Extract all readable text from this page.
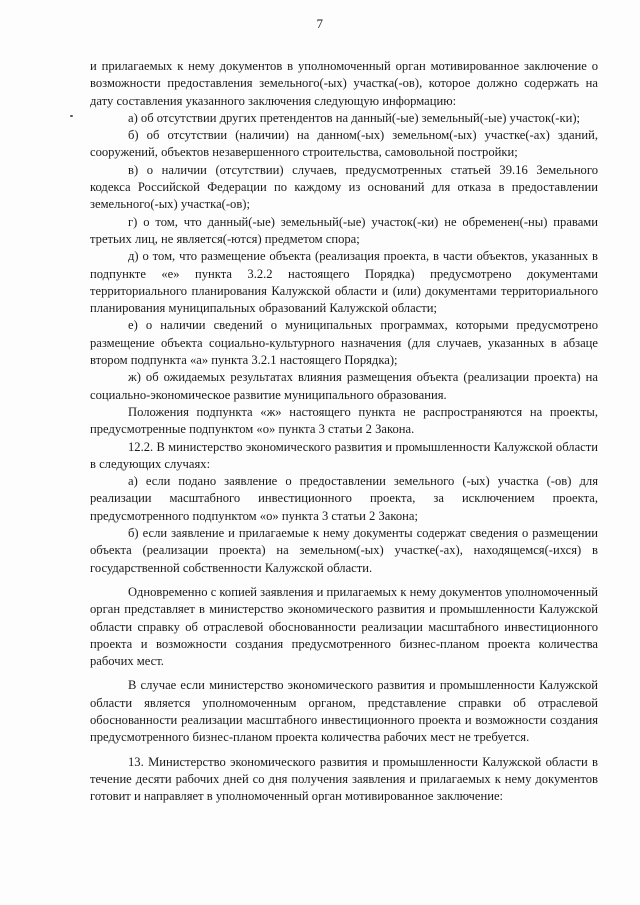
7

и прилагаемых к нему документов в уполномоченный орган мотивированное заключение о возможности предоставления земельного(-ых) участка(-ов), которое должно содержать на дату составления указанного заключения следующую информацию:

а) об отсутствии других претендентов на данный(-ые) земельный(-ые) участок(-ки);

б) об отсутствии (наличии) на данном(-ых) земельном(-ых) участке(-ах) зданий, сооружений, объектов незавершенного строительства, самовольной постройки;

в) о наличии (отсутствии) случаев, предусмотренных статьей 39.16 Земельного кодекса Российской Федерации по каждому из оснований для отказа в предоставлении земельного(-ых) участка(-ов);

г) о том, что данный(-ые) земельный(-ые) участок(-ки) не обременен(-ны) правами третьих лиц, не является(-ются) предметом спора;

д) о том, что размещение объекта (реализация проекта, в части объектов, указанных в подпункте «е» пункта 3.2.2 настоящего Порядка) предусмотрено документами территориального планирования Калужской области и (или) документами территориального планирования муниципальных образований Калужской области;

е) о наличии сведений о муниципальных программах, которыми предусмотрено размещение объекта социально-культурного назначения (для случаев, указанных в абзаце втором подпункта «а» пункта 3.2.1 настоящего Порядка);

ж) об ожидаемых результатах влияния размещения объекта (реализации проекта) на социально-экономическое развитие муниципального образования.

Положения подпункта «ж» настоящего пункта не распространяются на проекты, предусмотренные подпунктом «о» пункта 3 статьи 2 Закона.

12.2. В министерство экономического развития и промышленности Калужской области в следующих случаях:

а) если подано заявление о предоставлении земельного (-ых) участка (-ов) для реализации масштабного инвестиционного проекта, за исключением проекта, предусмотренного подпунктом «о» пункта 3 статьи 2 Закона;

б) если заявление и прилагаемые к нему документы содержат сведения о размещении объекта (реализации проекта) на земельном(-ых) участке(-ах), находящемся(-ихся) в государственной собственности Калужской области.

Одновременно с копией заявления и прилагаемых к нему документов уполномоченный орган представляет в министерство экономического развития и промышленности Калужской области справку об отраслевой обоснованности реализации масштабного инвестиционного проекта и возможности создания предусмотренного бизнес-планом проекта количества рабочих мест.

В случае если министерство экономического развития и промышленности Калужской области является уполномоченным органом, представление справки об отраслевой обоснованности реализации масштабного инвестиционного проекта и возможности создания предусмотренного бизнес-планом проекта количества рабочих мест не требуется.

13. Министерство экономического развития и промышленности Калужской области в течение десяти рабочих дней со дня получения заявления и прилагаемых к нему документов готовит и направляет в уполномоченный орган мотивированное заключение:
